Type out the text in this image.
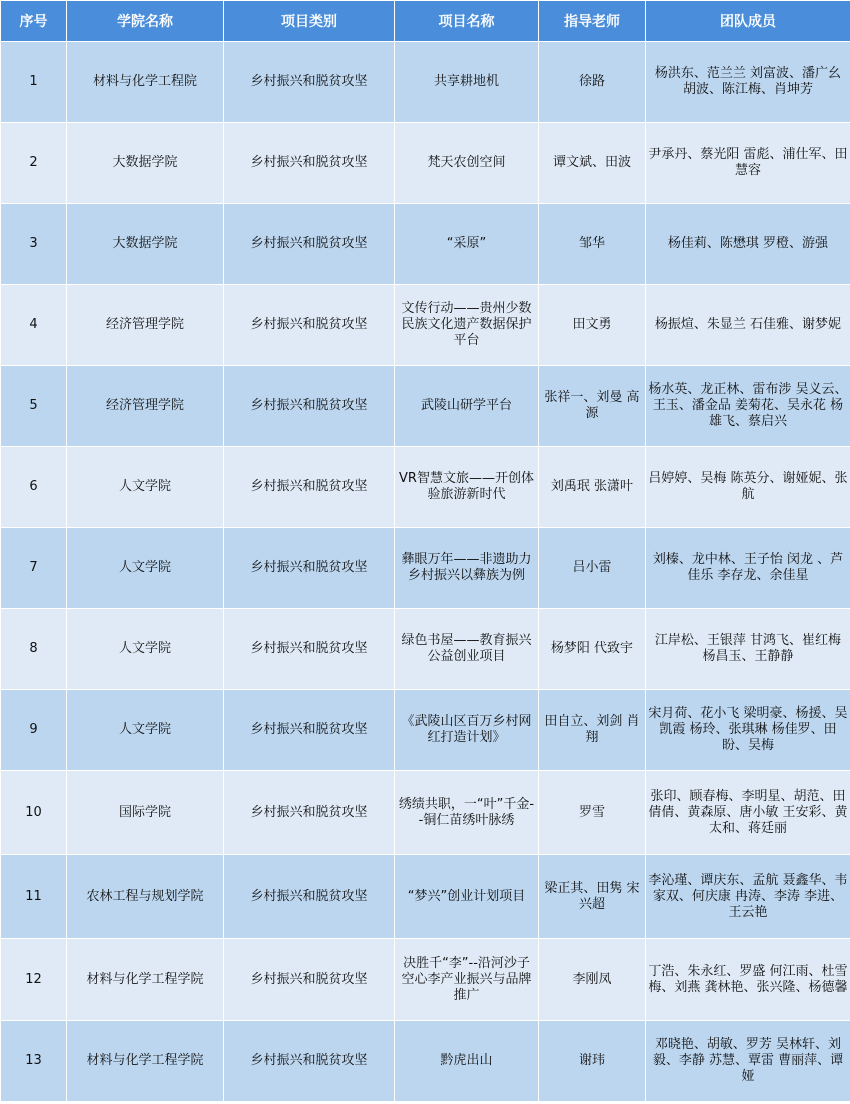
序号	学院名称	项目类别	项目名称	指导老师	团队成员
1	材料与化学工程院	乡村振兴和脱贫攻坚	共享耕地机	徐路	杨洪东、范兰兰 刘富波、潘广幺 胡波、陈江梅、肖坤芳
2	大数据学院	乡村振兴和脱贫攻坚	梵天农创空间	谭文斌、田波	尹承丹、蔡光阳 雷彪、浦仕军、田慧容
3	大数据学院	乡村振兴和脱贫攻坚	“采原”	邹华	杨佳莉、陈懋琪 罗橙、游强
4	经济管理学院	乡村振兴和脱贫攻坚	文传行动——贵州少数民族文化遗产数据保护平台	田文勇	杨振煊、朱显兰 石佳雅、谢梦妮
5	经济管理学院	乡村振兴和脱贫攻坚	武陵山研学平台	张祥一、刘曼 高源	杨水英、龙正林、雷布涉 吴义云、王玉、潘金品 姜菊花、吴永花 杨雄飞、蔡启兴
6	人文学院	乡村振兴和脱贫攻坚	VR智慧文旅——开创体验旅游新时代	刘禹珉 张潇叶	吕婷婷、吴梅 陈英分、谢娅妮、张航
7	人文学院	乡村振兴和脱贫攻坚	彝眼万年——非遗助力乡村振兴以彝族为例	吕小雷	刘榛、龙中林、王子怡 闵龙 、芦佳乐 李存龙、余佳星
8	人文学院	乡村振兴和脱贫攻坚	绿色书屋——教育振兴公益创业项目	杨梦阳 代致宇	江岸松、王银萍 甘鸿飞、崔红梅 杨昌玉、王静静
9	人文学院	乡村振兴和脱贫攻坚	《武陵山区百万乡村网红打造计划》	田自立、刘剑 肖翔	宋月荷、花小飞 梁明豪、杨援、吴凯霞 杨玲、张琪琳 杨佳罗、田盼、吴梅
10	国际学院	乡村振兴和脱贫攻坚	绣绩共职，一“叶”千金--铜仁苗绣叶脉绣	罗雪	张印、顾春梅、李明星、胡范、田倩倩、黄森原、唐小敏 王安彩、黄太和、蒋廷丽
11	农林工程与规划学院	乡村振兴和脱贫攻坚	“梦兴”创业计划项目	梁正其、田隽 宋兴超	李沁瑾、谭庆东、孟航 聂鑫华、韦家双、何庆康 冉涛、李涛 李进、王云艳
12	材料与化学工程学院	乡村振兴和脱贫攻坚	决胜千“李”--沿河沙子空心李产业振兴与品牌推广	李刚凤	丁浩、朱永红、罗盛 何江雨、杜雪梅、刘燕 龚林艳、张兴隆、杨德馨
13	材料与化学工程学院	乡村振兴和脱贫攻坚	黔虎出山	谢玮	邓晓艳、胡敏、罗芳 吴林轩、刘毅、李静 苏慧、覃雷 曹丽萍、谭娅
